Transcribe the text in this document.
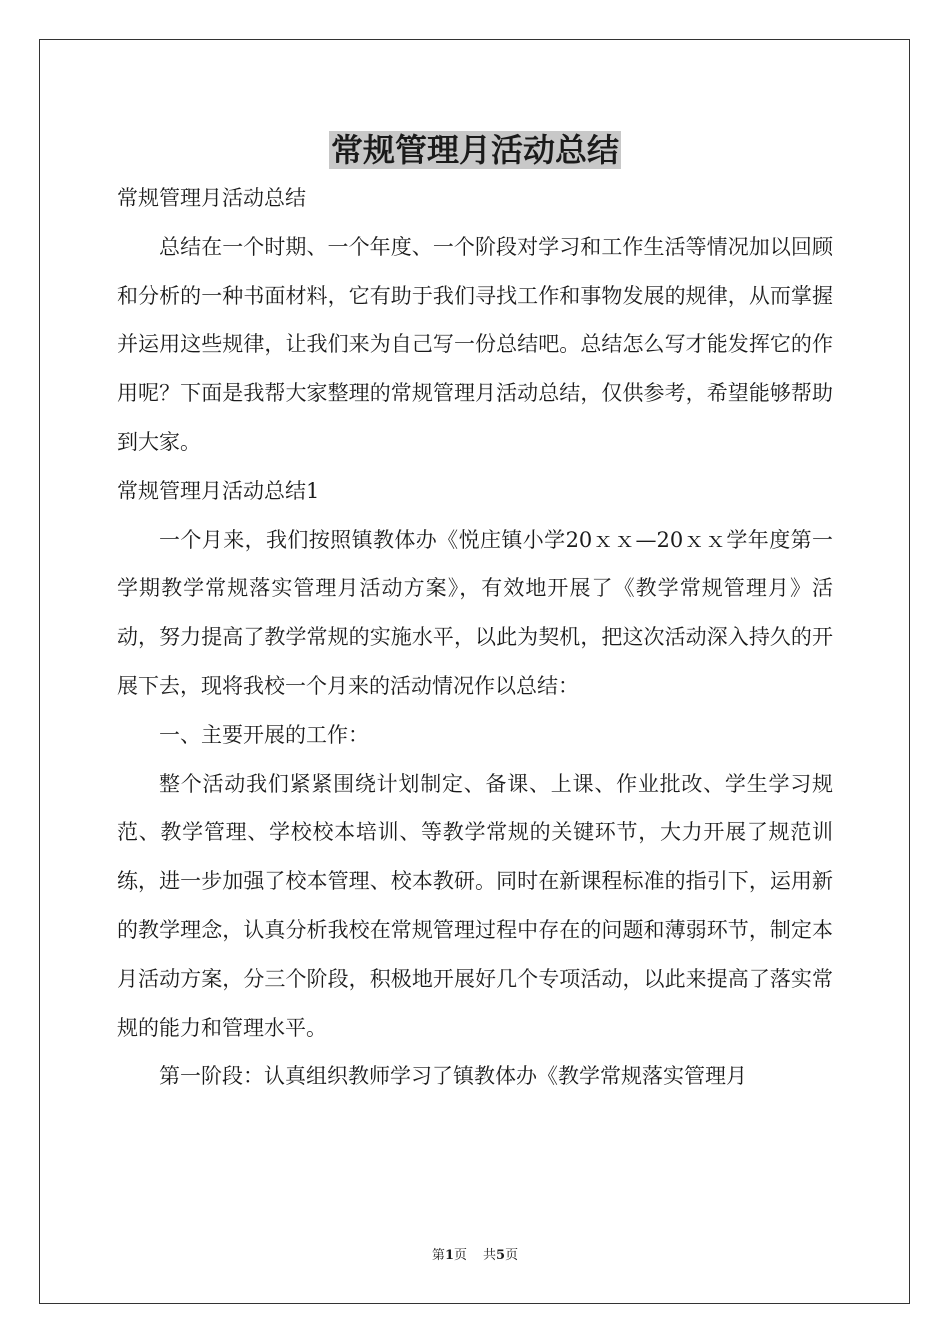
常规管理月活动总结

常规管理月活动总结

总结在一个时期、一个年度、一个阶段对学习和工作生活等情况加以回顾和分析的一种书面材料，它有助于我们寻找工作和事物发展的规律，从而掌握并运用这些规律，让我们来为自己写一份总结吧。总结怎么写才能发挥它的作用呢？下面是我帮大家整理的常规管理月活动总结，仅供参考，希望能够帮助到大家。

常规管理月活动总结1

一个月来，我们按照镇教体办《悦庄镇小学20ｘｘ—20ｘｘ学年度第一学期教学常规落实管理月活动方案》，有效地开展了《教学常规管理月》活动，努力提高了教学常规的实施水平，以此为契机，把这次活动深入持久的开展下去，现将我校一个月来的活动情况作以总结：

一、主要开展的工作：

整个活动我们紧紧围绕计划制定、备课、上课、作业批改、学生学习规范、教学管理、学校校本培训、等教学常规的关键环节，大力开展了规范训练，进一步加强了校本管理、校本教研。同时在新课程标准的指引下，运用新的教学理念，认真分析我校在常规管理过程中存在的问题和薄弱环节，制定本月活动方案，分三个阶段，积极地开展好几个专项活动，以此来提高了落实常规的能力和管理水平。

第一阶段：认真组织教师学习了镇教体办《教学常规落实管理月

第1页 共5页
